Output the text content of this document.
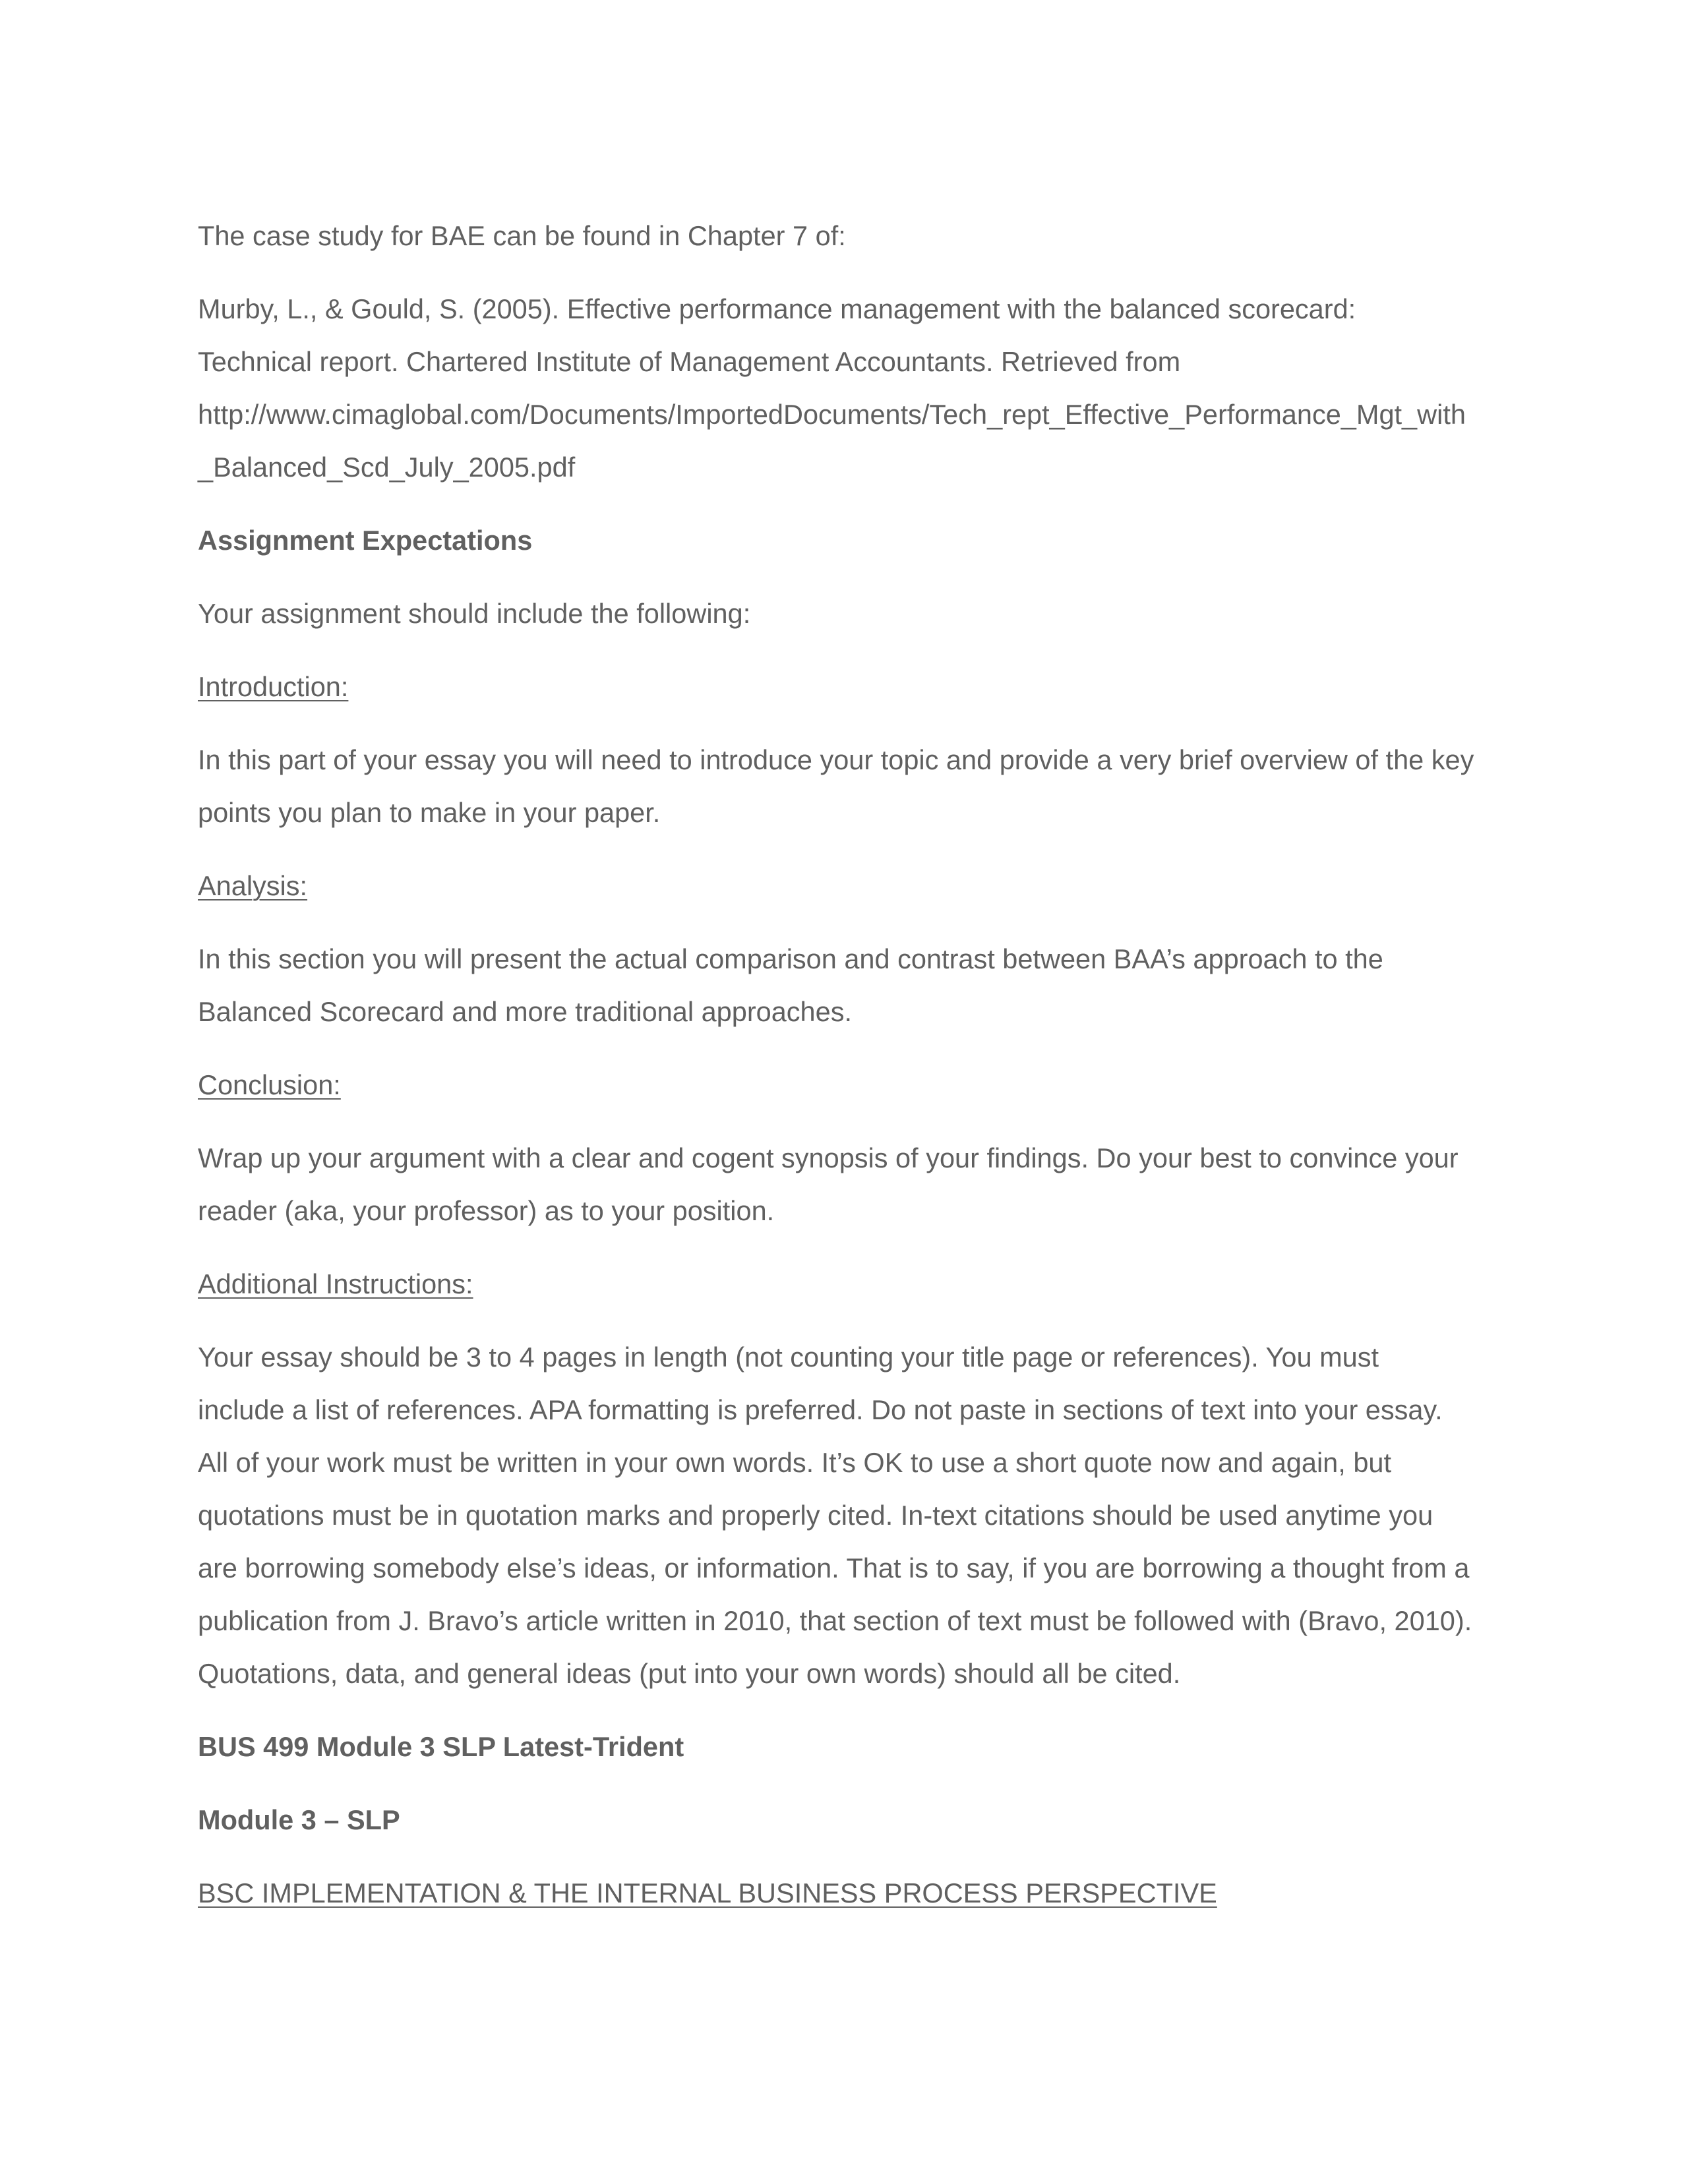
The case study for BAE can be found in Chapter 7 of:

Murby, L., & Gould, S. (2005). Effective performance management with the balanced scorecard:
Technical report. Chartered Institute of Management Accountants. Retrieved from
http://www.cimaglobal.com/Documents/ImportedDocuments/Tech_rept_Effective_Performance_Mgt_with
_Balanced_Scd_July_2005.pdf

Assignment Expectations

Your assignment should include the following:

Introduction:

In this part of your essay you will need to introduce your topic and provide a very brief overview of the key
points you plan to make in your paper.

Analysis:

In this section you will present the actual comparison and contrast between BAA’s approach to the
Balanced Scorecard and more traditional approaches.

Conclusion:

Wrap up your argument with a clear and cogent synopsis of your findings. Do your best to convince your
reader (aka, your professor) as to your position.

Additional Instructions:

Your essay should be 3 to 4 pages in length (not counting your title page or references). You must
include a list of references. APA formatting is preferred. Do not paste in sections of text into your essay.
All of your work must be written in your own words. It’s OK to use a short quote now and again, but
quotations must be in quotation marks and properly cited. In-text citations should be used anytime you
are borrowing somebody else’s ideas, or information. That is to say, if you are borrowing a thought from a
publication from J. Bravo’s article written in 2010, that section of text must be followed with (Bravo, 2010).
Quotations, data, and general ideas (put into your own words) should all be cited.

BUS 499 Module 3 SLP Latest-Trident

Module 3 – SLP

BSC IMPLEMENTATION & THE INTERNAL BUSINESS PROCESS PERSPECTIVE
